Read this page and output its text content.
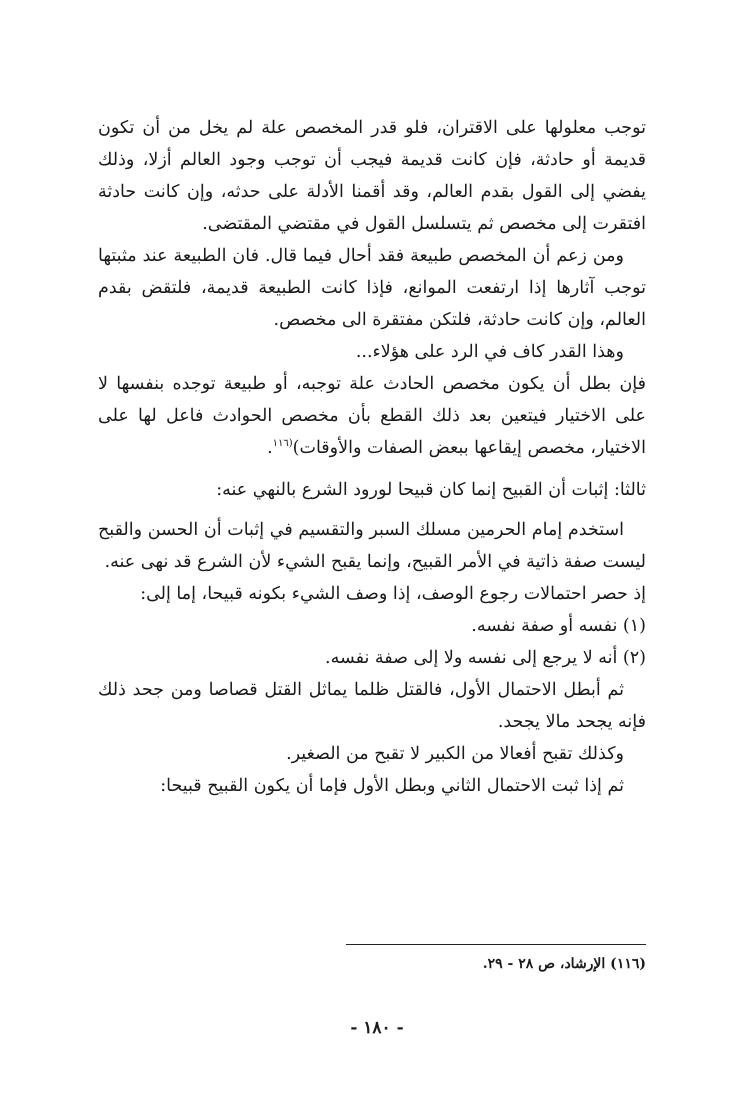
توجب معلولها على الاقتران، فلو قدر المخصص علة لم يخل من أن تكون قديمة أو حادثة، فإن كانت قديمة فيجب أن توجب وجود العالم أزلا، وذلك يفضي إلى القول بقدم العالم، وقد أقمنا الأدلة على حدثه، وإن كانت حادثة افتقرت إلى مخصص ثم يتسلسل القول في مقتضي المقتضى.

ومن زعم أن المخصص طبيعة فقد أحال فيما قال. فان الطبيعة عند مثبتها توجب آثارها إذا ارتفعت الموانع، فإذا كانت الطبيعة قديمة، فلتقض بقدم العالم، وإن كانت حادثة، فلتكن مفتقرة الى مخصص.

وهذا القدر كاف في الرد على هؤلاء...

فإن بطل أن يكون مخصص الحادث علة توجبه، أو طبيعة توجده بنفسها لا على الاختيار فيتعين بعد ذلك القطع بأن مخصص الحوادث فاعل لها على الاختيار، مخصص إيقاعها ببعض الصفات والأوقات)$^{(١١٦}$.

ثالثا: إثبات أن القبيح إنما كان قبيحا لورود الشرع بالنهي عنه:

استخدم إمام الحرمين مسلك السبر والتقسيم في إثبات أن الحسن والقبح ليست صفة ذاتية في الأمر القبيح، وإنما يقبح الشيء لأن الشرع قد نهى عنه.

إذ حصر احتمالات رجوع الوصف، إذا وصف الشيء بكونه قبيحا، إما إلى:

(١) نفسه أو صفة نفسه.

(٢) أنه لا يرجع إلى نفسه ولا إلى صفة نفسه.

ثم أبطل الاحتمال الأول، فالقتل ظلما يماثل القتل قصاصا ومن جحد ذلك فإنه يجحد مالا يجحد.

وكذلك تقبح أفعالا من الكبير لا تقبح من الصغير.

ثم إذا ثبت الاحتمال الثاني وبطل الأول فإما أن يكون القبيح قبيحا:

(١١٦) الإرشاد، ص ٢٨ - ٢٩.
- ١٨٠ -
